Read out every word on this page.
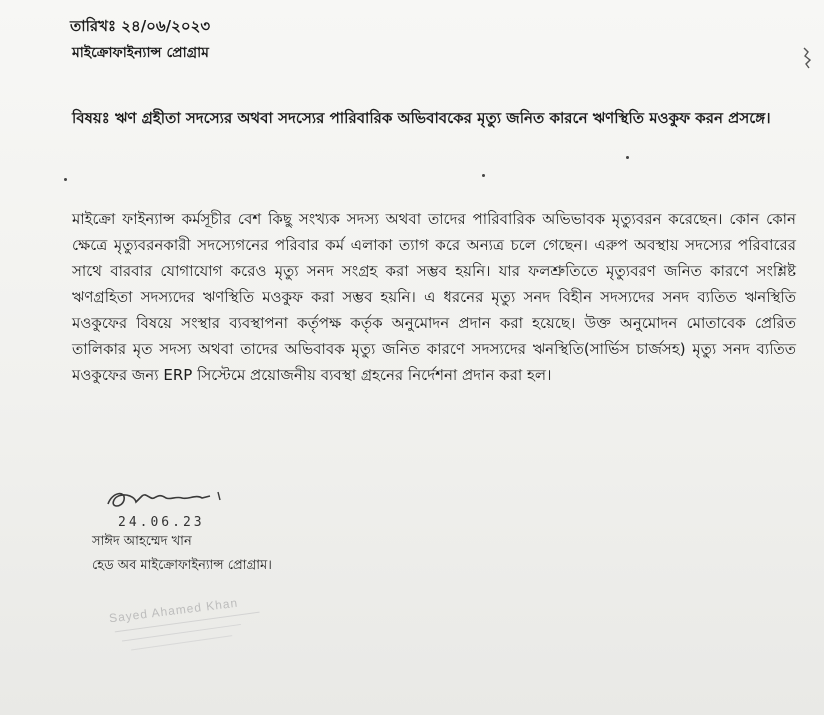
তারিখঃ ২৪/০৬/২০২৩
মাইক্রোফাইন্যান্স প্রোগ্রাম
বিষয়ঃ ঋণ গ্রহীতা সদস্যের অথবা সদস্যের পারিবারিক অভিবাবকের মৃত্যু জনিত কারনে ঋণস্থিতি মওকুফ করন প্রসঙ্গে।

মাইক্রো ফাইন্যান্স কর্মসূচীর বেশ কিছু সংখ্যক সদস্য অথবা তাদের পারিবারিক অভিভাবক মৃত্যুবরন করেছেন। কোন কোন ক্ষেত্রে মৃত্যুবরনকারী সদস্যেগনের পরিবার কর্ম এলাকা ত্যাগ করে অন্যত্র চলে গেছেন। এরুপ অবস্থায় সদস্যের পরিবারের সাথে বারবার যোগাযোগ করেও মৃত্যু সনদ সংগ্রহ করা সম্ভব হয়নি। যার ফলশ্রুতিতে মৃত্যুবরণ জনিত কারণে সংশ্লিষ্ট ঋণগ্রহিতা সদস্যদের ঋণস্থিতি মওকুফ করা সম্ভব হয়নি। এ ধরনের মৃত্যু সনদ বিহীন সদস্যদের সনদ ব্যতিত ঋনস্থিতি মওকুফের বিষয়ে সংস্থার ব্যবস্থাপনা কর্তৃপক্ষ কর্তৃক অনুমোদন প্রদান করা হয়েছে। উক্ত অনুমোদন মোতাবেক প্রেরিত তালিকার মৃত সদস্য অথবা তাদের অভিবাবক মৃত্যু জনিত কারণে সদস্যদের ঋনস্থিতি(সার্ভিস চার্জসহ) মৃত্যু সনদ ব্যতিত মওকুফের জন্য ERP সিস্টেমে প্রয়োজনীয় ব্যবস্থা গ্রহনের নির্দেশনা প্রদান করা হল।

24.06.23
সাঈদ আহম্মেদ খান
হেড অব মাইক্রোফাইন্যান্স প্রোগ্রাম।
Sayed Ahamed Khan
